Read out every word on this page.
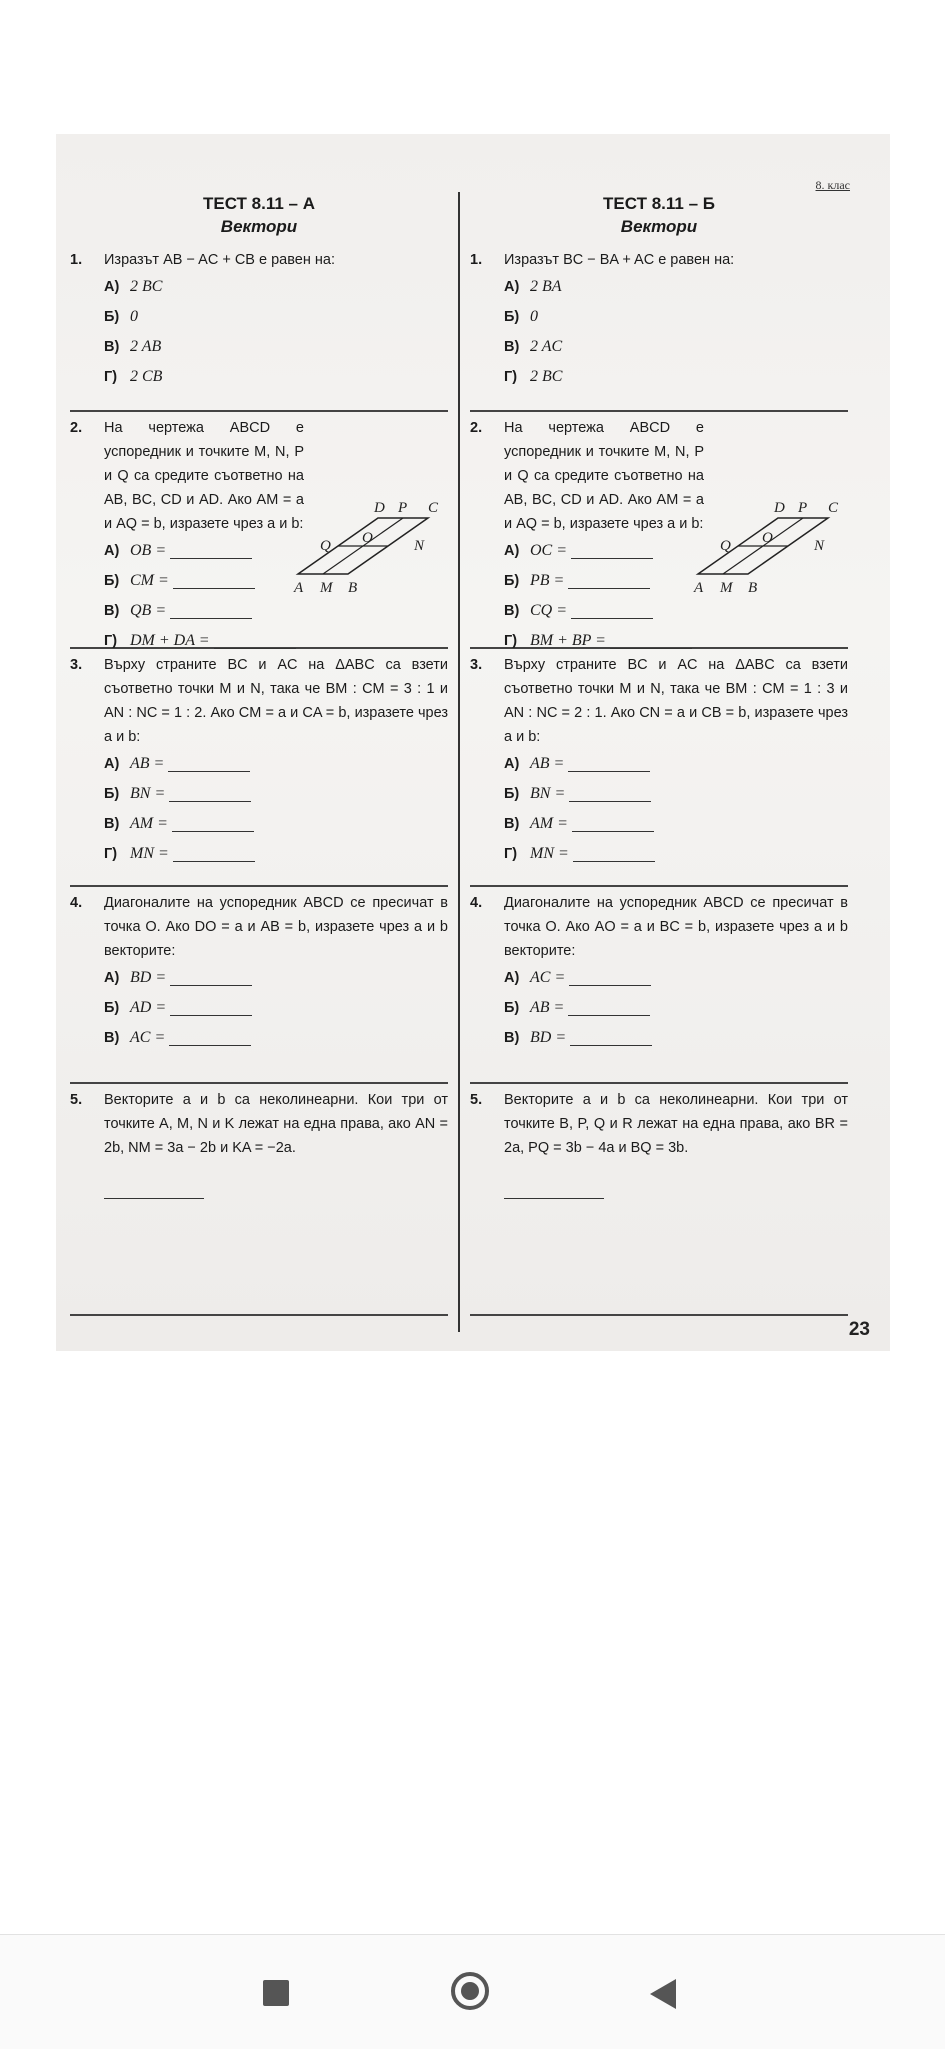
8. клас
ТЕСТ 8.11 – А
Вектори
1.	Изразът AB − AC + CB е равен на:
А) 2 BC
Б) 0
В) 2 AB
Г) 2 CB
2.	На чертежа ABCD е успоредник и точките M, N, P и Q са средите съответно на AB, BC, CD и AD. Ако AM = a и AQ = b, изразете чрез a и b:
D P C
Q O	N
A M B
А) OB =
Б) CM =
В) QB =
Г) DM + DA =
3.	Върху страните BC и AC на ΔABC са взети съответно точки M и N, така че BM : CM = 3 : 1 и AN : NC = 1 : 2. Ако CM = a и CA = b, изразете чрез a и b:
А) AB =
Б) BN =
В) AM =
Г) MN =
4.	Диагоналите на успоредник ABCD се пресичат в точка O. Ако DO = a и AB = b, изразете чрез a и b векторите:
А) BD =
Б) AD =
В) AC =
5.	Векторите a и b са неколинеарни. Кои три от точките A, M, N и K лежат на една права, ако AN = 2b, NM = 3a − 2b и KA = −2a.
ТЕСТ 8.11 – Б
Вектори
1.	Изразът BC − BA + AC е равен на:
А) 2 BA
Б) 0
В) 2 AC
Г) 2 BC
2.	На чертежа ABCD е успоредник и точките M, N, P и Q са средите съответно на AB, BC, CD и AD. Ако AM = a и AQ = b, изразете чрез a и b:
D P C
Q O	N
A M B
А) OC =
Б) PB =
В) CQ =
Г) BM + BP =
3.	Върху страните BC и AC на ΔABC са взети съответно точки M и N, така че BM : CM = 1 : 3 и AN : NC = 2 : 1. Ако CN = a и CB = b, изразете чрез a и b:
А) AB =
Б) BN =
В) AM =
Г) MN =
4.	Диагоналите на успоредник ABCD се пресичат в точка O. Ако AO = a и BC = b, изразете чрез a и b векторите:
А) AC =
Б) AB =
В) BD =
5.	Векторите a и b са неколинеарни. Кои три от точките B, P, Q и R лежат на една права, ако BR = 2a, PQ = 3b − 4a и BQ = 3b.
23
